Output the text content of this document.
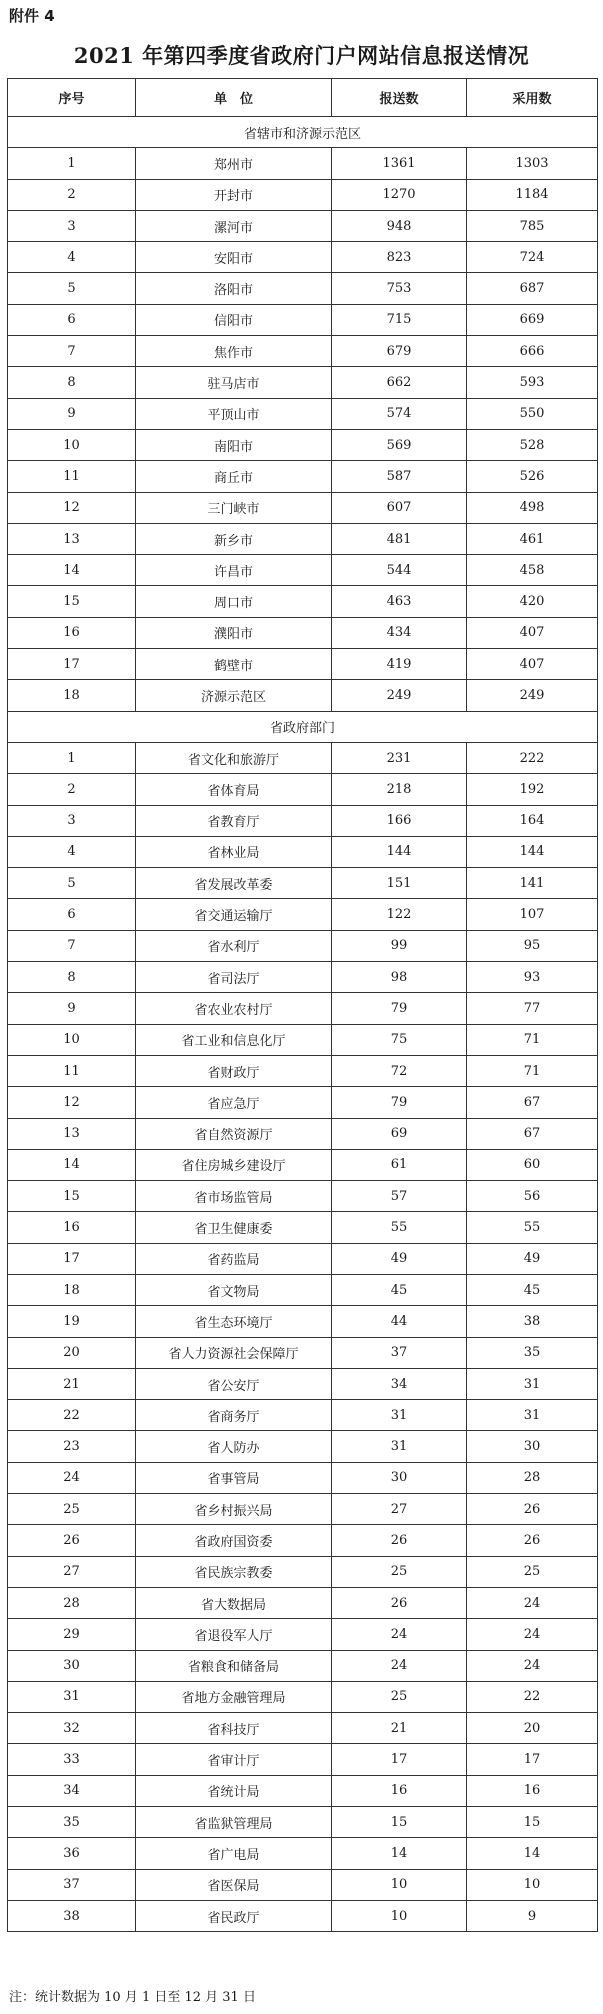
附件 4
2021 年第四季度省政府门户网站信息报送情况
序号	单　位	报送数	采用数
省辖市和济源示范区			
1	郑州市	1361	1303
2	开封市	1270	1184
3	漯河市	948	785
4	安阳市	823	724
5	洛阳市	753	687
6	信阳市	715	669
7	焦作市	679	666
8	驻马店市	662	593
9	平顶山市	574	550
10	南阳市	569	528
11	商丘市	587	526
12	三门峡市	607	498
13	新乡市	481	461
14	许昌市	544	458
15	周口市	463	420
16	濮阳市	434	407
17	鹤壁市	419	407
18	济源示范区	249	249
省政府部门			
1	省文化和旅游厅	231	222
2	省体育局	218	192
3	省教育厅	166	164
4	省林业局	144	144
5	省发展改革委	151	141
6	省交通运输厅	122	107
7	省水利厅	99	95
8	省司法厅	98	93
9	省农业农村厅	79	77
10	省工业和信息化厅	75	71
11	省财政厅	72	71
12	省应急厅	79	67
13	省自然资源厅	69	67
14	省住房城乡建设厅	61	60
15	省市场监管局	57	56
16	省卫生健康委	55	55
17	省药监局	49	49
18	省文物局	45	45
19	省生态环境厅	44	38
20	省人力资源社会保障厅	37	35
21	省公安厅	34	31
22	省商务厅	31	31
23	省人防办	31	30
24	省事管局	30	28
25	省乡村振兴局	27	26
26	省政府国资委	26	26
27	省民族宗教委	25	25
28	省大数据局	26	24
29	省退役军人厅	24	24
30	省粮食和储备局	24	24
31	省地方金融管理局	25	22
32	省科技厅	21	20
33	省审计厅	17	17
34	省统计局	16	16
35	省监狱管理局	15	15
36	省广电局	14	14
37	省医保局	10	10
38	省民政厅	10	9
注：统计数据为 10 月 1 日至 12 月 31 日
